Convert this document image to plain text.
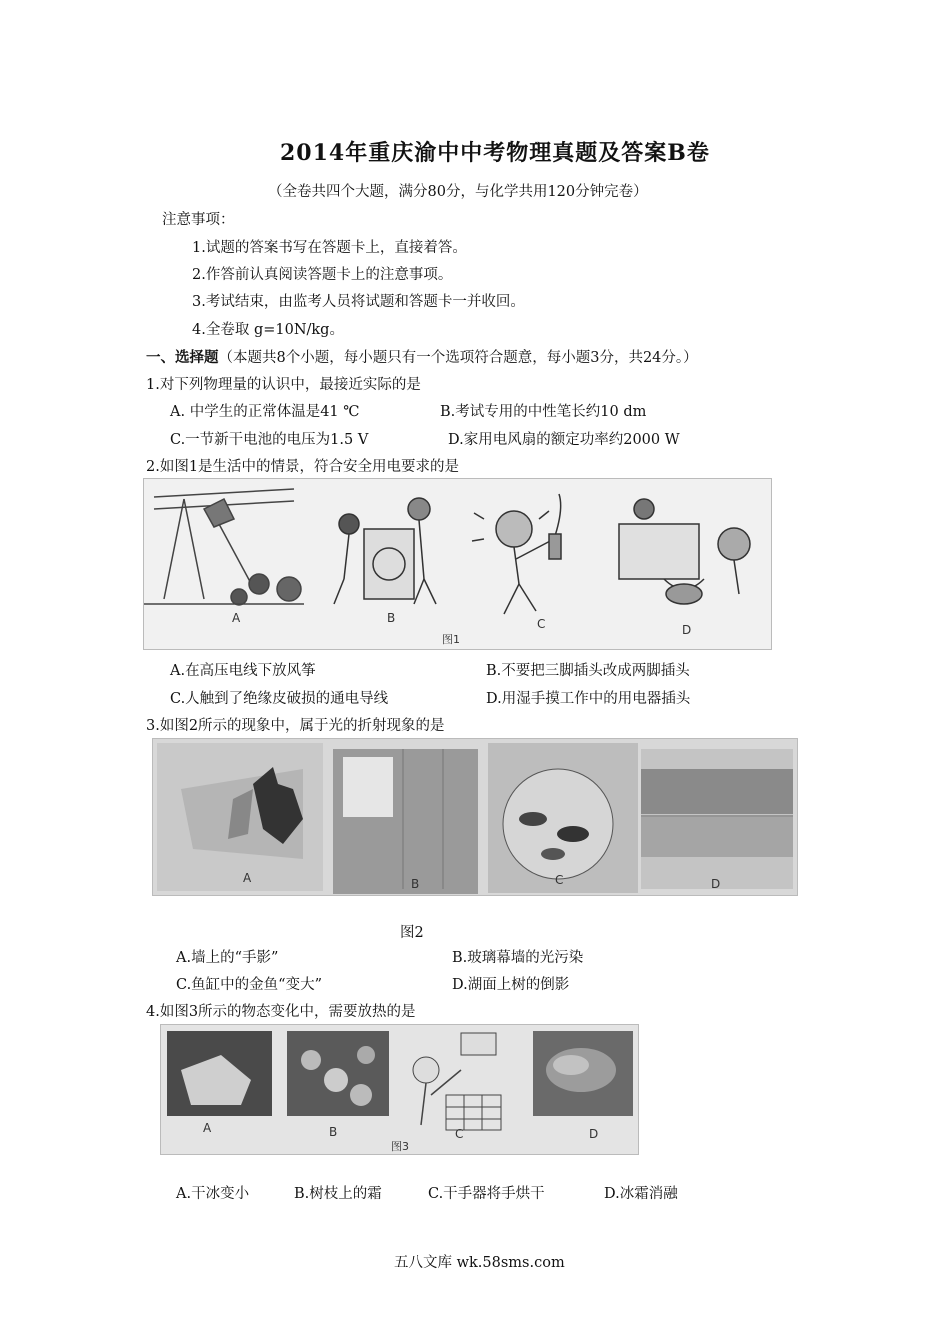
2014年重庆渝中中考物理真题及答案B卷
（全卷共四个大题，满分80分，与化学共用120分钟完卷）
注意事项：
1.试题的答案书写在答题卡上，直接着答。
2.作答前认真阅读答题卡上的注意事项。
3.考试结束，由监考人员将试题和答题卡一并收回。
4.全卷取 g=10N/kg。
一、选择题（本题共8个小题，每小题只有一个选项符合题意，每小题3分，共24分。）
1.对下列物理量的认识中，最接近实际的是
A. 中学生的正常体温是41 ℃	B.考试专用的中性笔长约10 dm
C.一节新干电池的电压为1.5 V	D.家用电风扇的额定功率约2000 W
2.如图1是生活中的情景，符合安全用电要求的是
A	B	C	D
图1
A.在高压电线下放风筝	B.不要把三脚插头改成两脚插头
C.人触到了绝缘皮破损的通电导线	D.用湿手摸工作中的用电器插头
3.如图2所示的现象中，属于光的折射现象的是
A	B	C	D
图2
A.墙上的“手影”	B.玻璃幕墙的光污染
C.鱼缸中的金鱼“变大”	D.湖面上树的倒影
4.如图3所示的物态变化中，需要放热的是
A	B	C	D
图3
A.干冰变小	B.树枝上的霜	C.干手器将手烘干	D.冰霜消融
五八文库 wk.58sms.com
